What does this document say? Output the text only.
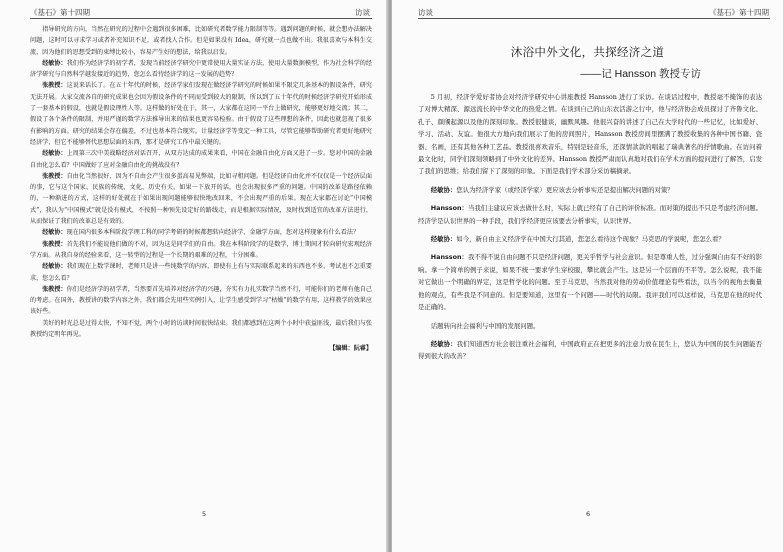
《基石》第十四期	访谈

指导研究的方向，当然在研究的过程中会遇到很多困难，比如研究者数学能力限制等等。遇到问题的时候，就会想办法解决问题，这时可以寻求学习或者补充知识不足，或者找人合作。但是如果没有 Idea，研究就一点也做不出。我很喜欢与本科生交流，因为他们的思想受到的束缚比较小，容易产生好的想法，给我以启发。

经敏协：我们作为经济学的初学者，发现当前经济学研究中更常使用大量实证方法，使用大量数据模型，作为社会科学的经济学研究与自然科学越发接近的趋势，您怎么看待经济学的这一发展的趋势？

张教授：这说来话长了。在五十年代的时候，经济学家们发现在做经济学研究的时候如果不限定几条基本的假设条件，研究无法开展。大家交流各自的研究成果也会因为假设条件的不同而受到较大的限制，所以到了五十年代的时候经济学研究开始形成了一套基本的假设，也就是假设理性人等。这样做的好处在于，其一，大家都在这同一平台上做研究，能够更好地交流；其二，假设了各个条件的限制，并用严谨的数学方法推导出来的结果也更容易检验。由于假设了这些理想的条件，因此也就忽视了很多有影响的方面。研究的结果会存在偏差，不过也基本符合现实。计量经济学等变定一种工具，尽管它能够帮助研究者更好地研究经济学，但它不能够替代思想层面的东西，那才是研究工作中最关键的。

经敏协：上周第三次中美战略经济对话召开，从双方达成的成果来看，中国在金融自由化方面又进了一步。您对中国的金融自由化怎么看？中国做好了应对金融自由化的挑战没有？

张教授：自由化当然很好，因为不自由会产生很多蛋高易见弊端，比如寻租问题。但是经济自由化并不仅仅是一个经济层面的事，它与这个国家、民族的传统、文化、历史有关，如果一下放开的话，也会出现很多严重的问题。中国的改革是路径依赖的，一种渐进的方式，这样的好处就在于如果出现问题能够很快地改回来，不会出现严重的后果。现在大家都在讨论“中国模式”，我认为“中国模式”就是没有模式，不按照一种预先设定好的路线走，而是根据实际情况，及时找到适宜的改革方法进行，从而保证了我们的改革总是有效的。

经敏协：现在国内很多本科阶段学理工科的同学考研的时候都想转向经济学、金融学方面，您对这样现象有什么看法？

张教授：首先我们不能说他们做的不对，因为这是同学们的自由。我在本科阶段学的是数学，博士期间才转向研究宏观经济学方面。从我自身的经验来看，这一转型的过程是一个长期的艰难的过程，十分困难。

经敏协：我们现在上数学课时，老师只是讲一些纯数学的内容，即使有上有与实际联系起来的东西也不多，考试也不怎重要求，您怎么看？

张教授：你们是经济学的初学者，当然要首先培养对经济学的兴趣，夯实有力扎实数学当然不行，可能你们的老师有他自己的考虑。在国外，教授讲的数学内容之外，我们都会先用些实例引入，让学生感受到学习“枯燥”的数学有用，这样教学的效果应该好些。

美好的时光总是过得太快，不知不觉，两个小时的访谈时间很快结束。我们都感到在这两个小时中获益匪浅，最后我们与张教授约定明年再见。

【编辑：阮睿】

5
访谈	《基石》第十四期
沐浴中外文化，共探经济之道
——记 Hansson 教授专访

5 月初，经济学爱好者协会对经济学研究中心讲座教授 Hansson 进行了采访。在谈话过程中，教授毫不掩饰的表达了对博大精深、源远流长的中华文化的热爱之情。在谈到自己的山东农活游之行中，他与经济协会成员探讨了齐鲁文化、孔子、颜斶起源以及他的深刻印象。教授很健谈，幽默风趣。他很兴奋的讲述了自己在大学时代的一些记忆，比如爱好、学习、活动、友谊。他很大方地向我们展示了他的房间照片，Hansson 教授房间里摆满了教授收集的各种中国书籍、瓷器、名画，还有其他各种工艺品。教授很喜欢音乐，特别是轻音乐，还深情款款的唱起了瑞典著名的抒情歌曲。在访问着最文化时，同学们深刻领略到了中外文化的差异。Hansson 教授严肃而认真地对我们在学术方面的提问进行了解答，启发了我们的思维；给我们留下了深刻的印象。下面是我们学术部分采访稿摘录。

经敏协：您认为经济学家（或经济学家）更应该去分析事实还是提出解决问题的对策？

Hansson：当我们主建议应该去做什么时，实际上就已经有了自己的评价标准。而对策的提出不只是考虑经济问题。经济学是认识世界的一种手段，我们学经济更应该要去分析事实，认识世界。

经敏协：如今，新自由主义经济学在中国大行其道，您怎么看待这个现象？马克思的学说呢，您怎么看？

Hansson：我不得不说自由问题不只是经济问题，更关乎哲学与社会意识。但是尊重人性，过分强调自由有不好的影响。拿一个简单的例子来说，如果不统一要求学生穿校服，攀比就会产生。这是另一个层面的不平等。怎么说呢，我不能对它做出一个明确的界定，这是哲学化的问题。至于马克思，当然我对他的劳动价值理论有些看法，以当今的视角去衡量他的观点，有些我是不同意的。但是要知道，这里有一个问题——时代的局限。我评我们可以这样说，马克思在他的时代是正确的。

话题转向社会福利与中国的发展问题。

经敏协：我们知道西方社会很注重社会福利，中国政府正在把更多的注意力放在民生上，您认为中国的民生问题能否得到很大的改善？

6
